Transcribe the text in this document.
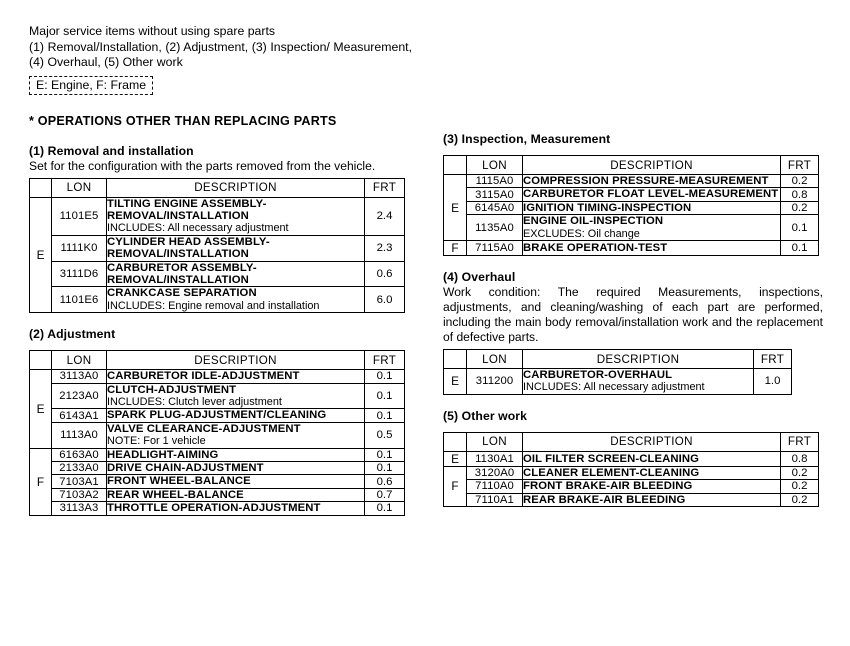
Major service items without using spare parts
(1) Removal/Installation, (2) Adjustment, (3) Inspection/ Measurement, (4) Overhaul, (5) Other work
E: Engine, F: Frame
* OPERATIONS OTHER THAN REPLACING PARTS
(1) Removal and installation
Set for the configuration with the parts removed from the vehicle.
	LON	DESCRIPTION	FRT
E	1101E5	TILTING ENGINE ASSEMBLY-REMOVAL/INSTALLATION
INCLUDES: All necessary adjustment	2.4
	1111K0	CYLINDER HEAD ASSEMBLY-REMOVAL/INSTALLATION	2.3
	3111D6	CARBURETOR ASSEMBLY-REMOVAL/INSTALLATION	0.6
	1101E6	CRANKCASE SEPARATION
INCLUDES: Engine removal and installation	6.0
(2) Adjustment
	LON	DESCRIPTION	FRT
E	3113A0	CARBURETOR IDLE-ADJUSTMENT	0.1
	2123A0	CLUTCH-ADJUSTMENT
INCLUDES: Clutch lever adjustment	0.1
	6143A1	SPARK PLUG-ADJUSTMENT/CLEANING	0.1
	1113A0	VALVE CLEARANCE-ADJUSTMENT
NOTE: For 1 vehicle	0.5
F	6163A0	HEADLIGHT-AIMING	0.1
	2133A0	DRIVE CHAIN-ADJUSTMENT	0.1
	7103A1	FRONT WHEEL-BALANCE	0.6
	7103A2	REAR WHEEL-BALANCE	0.7
	3113A3	THROTTLE OPERATION-ADJUSTMENT	0.1
(3) Inspection, Measurement
	LON	DESCRIPTION	FRT
E	1115A0	COMPRESSION PRESSURE-MEASUREMENT	0.2
	3115A0	CARBURETOR FLOAT LEVEL-MEASUREMENT	0.8
	6145A0	IGNITION TIMING-INSPECTION	0.2
	1135A0	ENGINE OIL-INSPECTION
EXCLUDES: Oil change	0.1
F	7115A0	BRAKE OPERATION-TEST	0.1
(4) Overhaul
Work condition: The required Measurements, inspections, adjustments, and cleaning/washing of each part are performed, including the main body removal/installation work and the replacement of defective parts.
	LON	DESCRIPTION	FRT
E	311200	CARBURETOR-OVERHAUL
INCLUDES: All necessary adjustment	1.0
(5) Other work
	LON	DESCRIPTION	FRT
E	1130A1	OIL FILTER SCREEN-CLEANING	0.8
F	3120A0	CLEANER ELEMENT-CLEANING	0.2
	7110A0	FRONT BRAKE-AIR BLEEDING	0.2
	7110A1	REAR BRAKE-AIR BLEEDING	0.2
